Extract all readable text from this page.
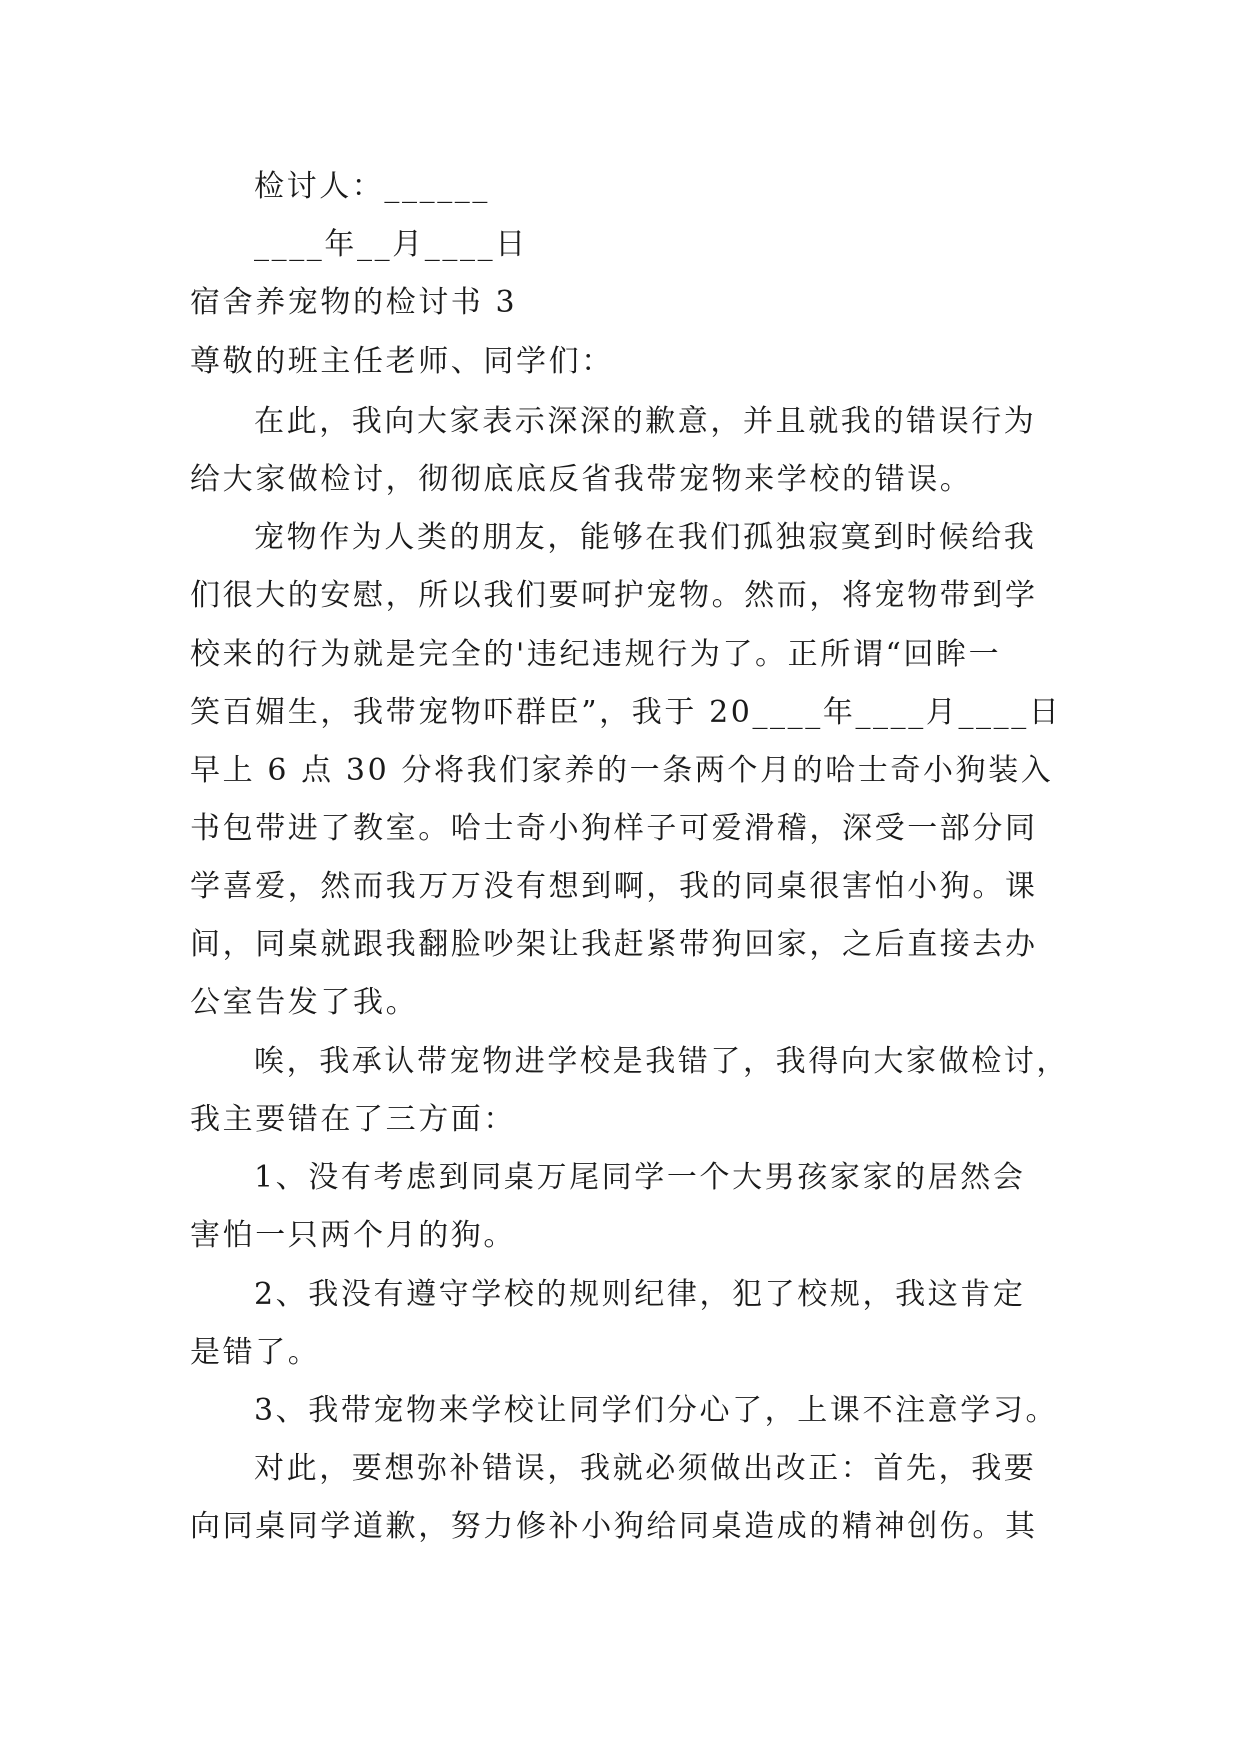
检讨人：______
____年__月____日
宿舍养宠物的检讨书 3
尊敬的班主任老师、同学们：
在此，我向大家表示深深的歉意，并且就我的错误行为
给大家做检讨，彻彻底底反省我带宠物来学校的错误。
宠物作为人类的朋友，能够在我们孤独寂寞到时候给我
们很大的安慰，所以我们要呵护宠物。然而，将宠物带到学
校来的行为就是完全的'违纪违规行为了。正所谓“回眸一
笑百媚生，我带宠物吓群臣”，我于 20____年____月____日
早上 6 点 30 分将我们家养的一条两个月的哈士奇小狗装入
书包带进了教室。哈士奇小狗样子可爱滑稽，深受一部分同
学喜爱，然而我万万没有想到啊，我的同桌很害怕小狗。课
间，同桌就跟我翻脸吵架让我赶紧带狗回家，之后直接去办
公室告发了我。
唉，我承认带宠物进学校是我错了，我得向大家做检讨，
我主要错在了三方面：
1、没有考虑到同桌万尾同学一个大男孩家家的居然会
害怕一只两个月的狗。
2、我没有遵守学校的规则纪律，犯了校规，我这肯定
是错了。
3、我带宠物来学校让同学们分心了，上课不注意学习。
对此，要想弥补错误，我就必须做出改正：首先，我要
向同桌同学道歉，努力修补小狗给同桌造成的精神创伤。其
